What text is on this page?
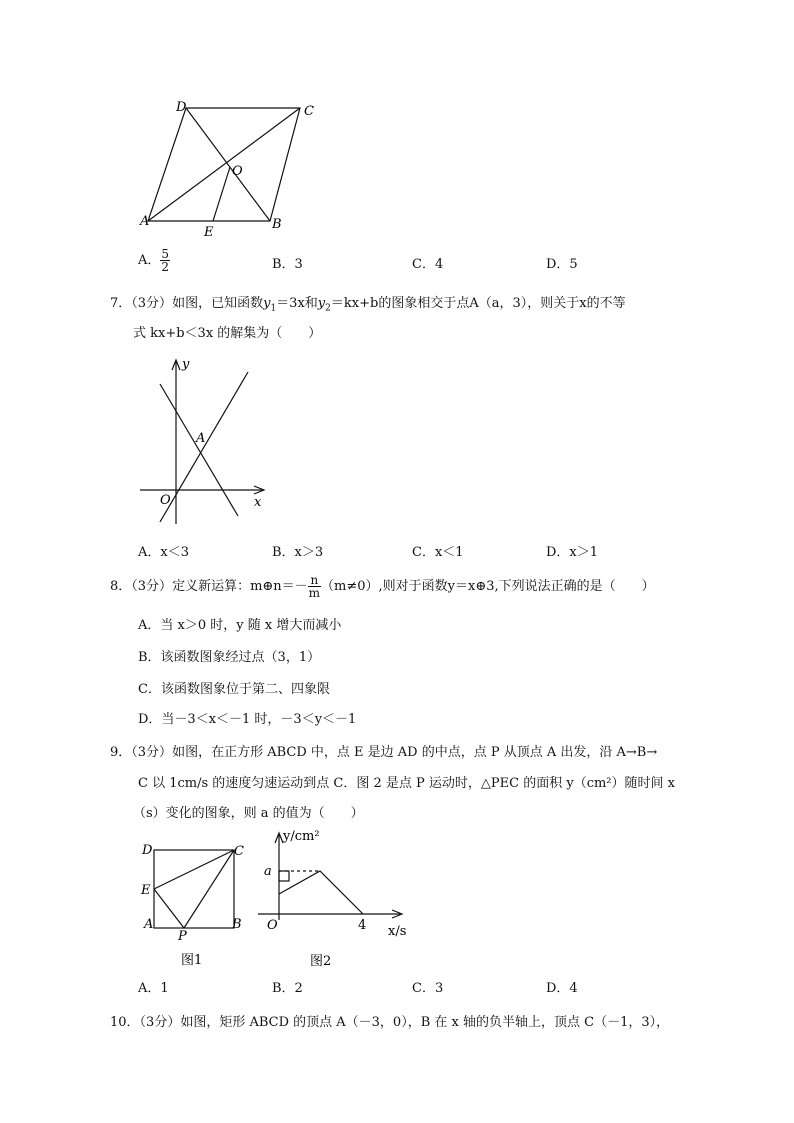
D	C
O
A
E
B
A． $\frac{5}{2}$	B．3	C．4	D．5
7．（3分）如图，已知函数$y_1=3x$和$y_2=kx+b$的图象相交于点A（a，3），则关于x的不等
式 kx+b＜3x 的解集为（　　）
y
A
O	x
A．x＜3	B．x＞3	C．x＜1	D．x＞1
8．（3分）定义新运算：m⊕n＝－ $\frac{n}{m} (m\ne 0)$,则对于函数y＝x⊕3,下列说法正确的是（　　）
A．当 x＞0 时，y 随 x 增大而减小
B．该函数图象经过点（3，1）
C．该函数图象位于第二、四象限
D．当－3＜x＜－1 时，－3＜y＜－1
9．（3分）如图，在正方形 ABCD 中，点 E 是边 AD 的中点，点 P 从顶点 A 出发，沿 A→B→
C 以 1cm/s 的速度匀速运动到点 C．图 2 是点 P 运动时，△PEC 的面积 y（cm²）随时间 x
（s）变化的图象，则 a 的值为（　　）
D	C
E
A
P
B
图1
y/cm²
a
O	4 x/s
图2
A．1	B．2	C．3	D．4
10．（3分）如图，矩形 ABCD 的顶点 A（－3，0），B 在 x 轴的负半轴上，顶点 C（－1，3），
